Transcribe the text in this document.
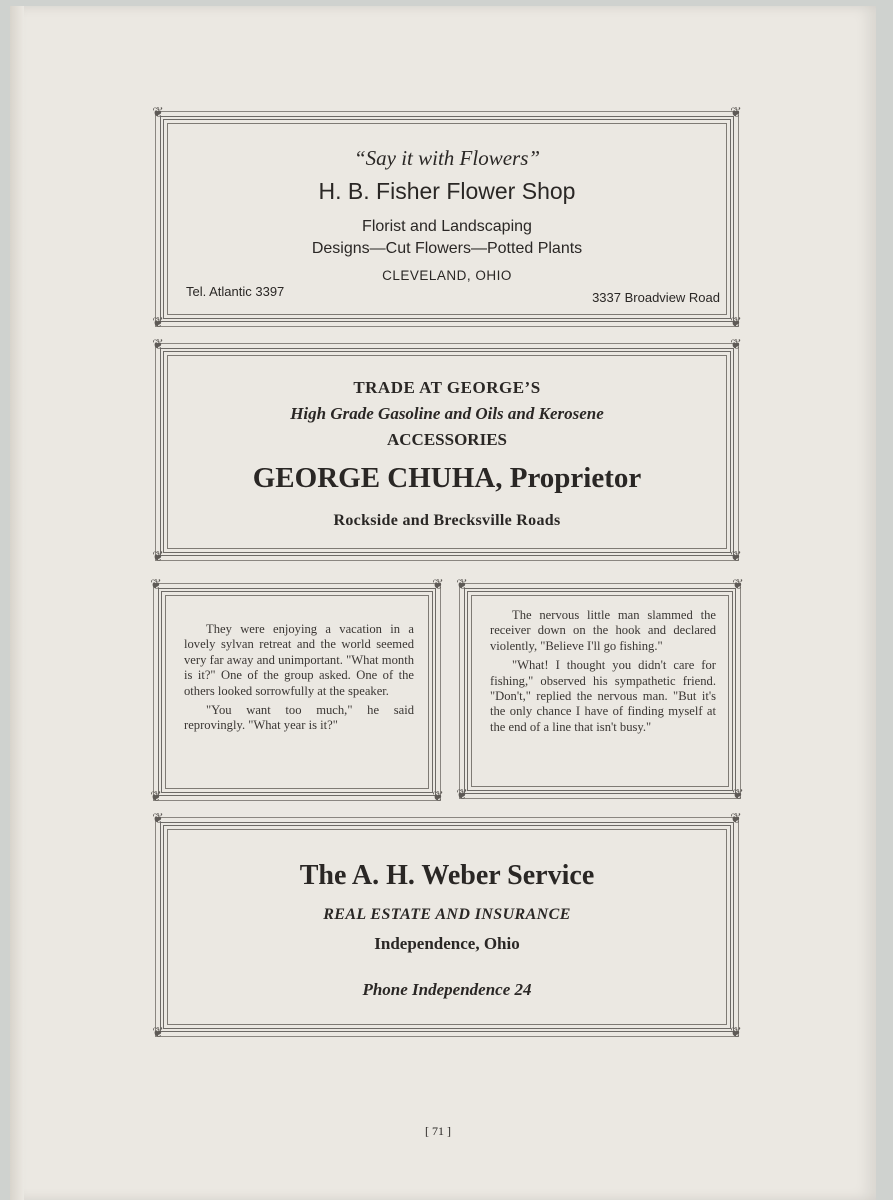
❦	❦
❦	❦
“Say it with Flowers”
H. B. Fisher Flower Shop
Florist and Landscaping
Designs—Cut Flowers—Potted Plants
CLEVELAND, OHIO
Tel. Atlantic 3397	3337 Broadview Road
❦	❦
❦	❦
TRADE AT GEORGE’S
High Grade Gasoline and Oils and Kerosene
ACCESSORIES
GEORGE CHUHA, Proprietor
Rockside and Brecksville Roads
❦	❦
❦	❦

They were enjoying a vacation in a lovely sylvan retreat and the world seemed very far away and unimportant. "What month is it?" One of the group asked. One of the others looked sorrowfully at the speaker.

"You want too much," he said reprovingly. "What year is it?"

❦	❦
❦	❦

The nervous little man slammed the receiver down on the hook and declared violently, "Believe I'll go fishing."

"What! I thought you didn't care for fishing," observed his sympathetic friend. "Don't," replied the nervous man. "But it's the only chance I have of finding myself at the end of a line that isn't busy."

❦	❦
❦	❦
The A. H. Weber Service
REAL ESTATE AND INSURANCE
Independence, Ohio
Phone Independence 24
[ 71 ]
